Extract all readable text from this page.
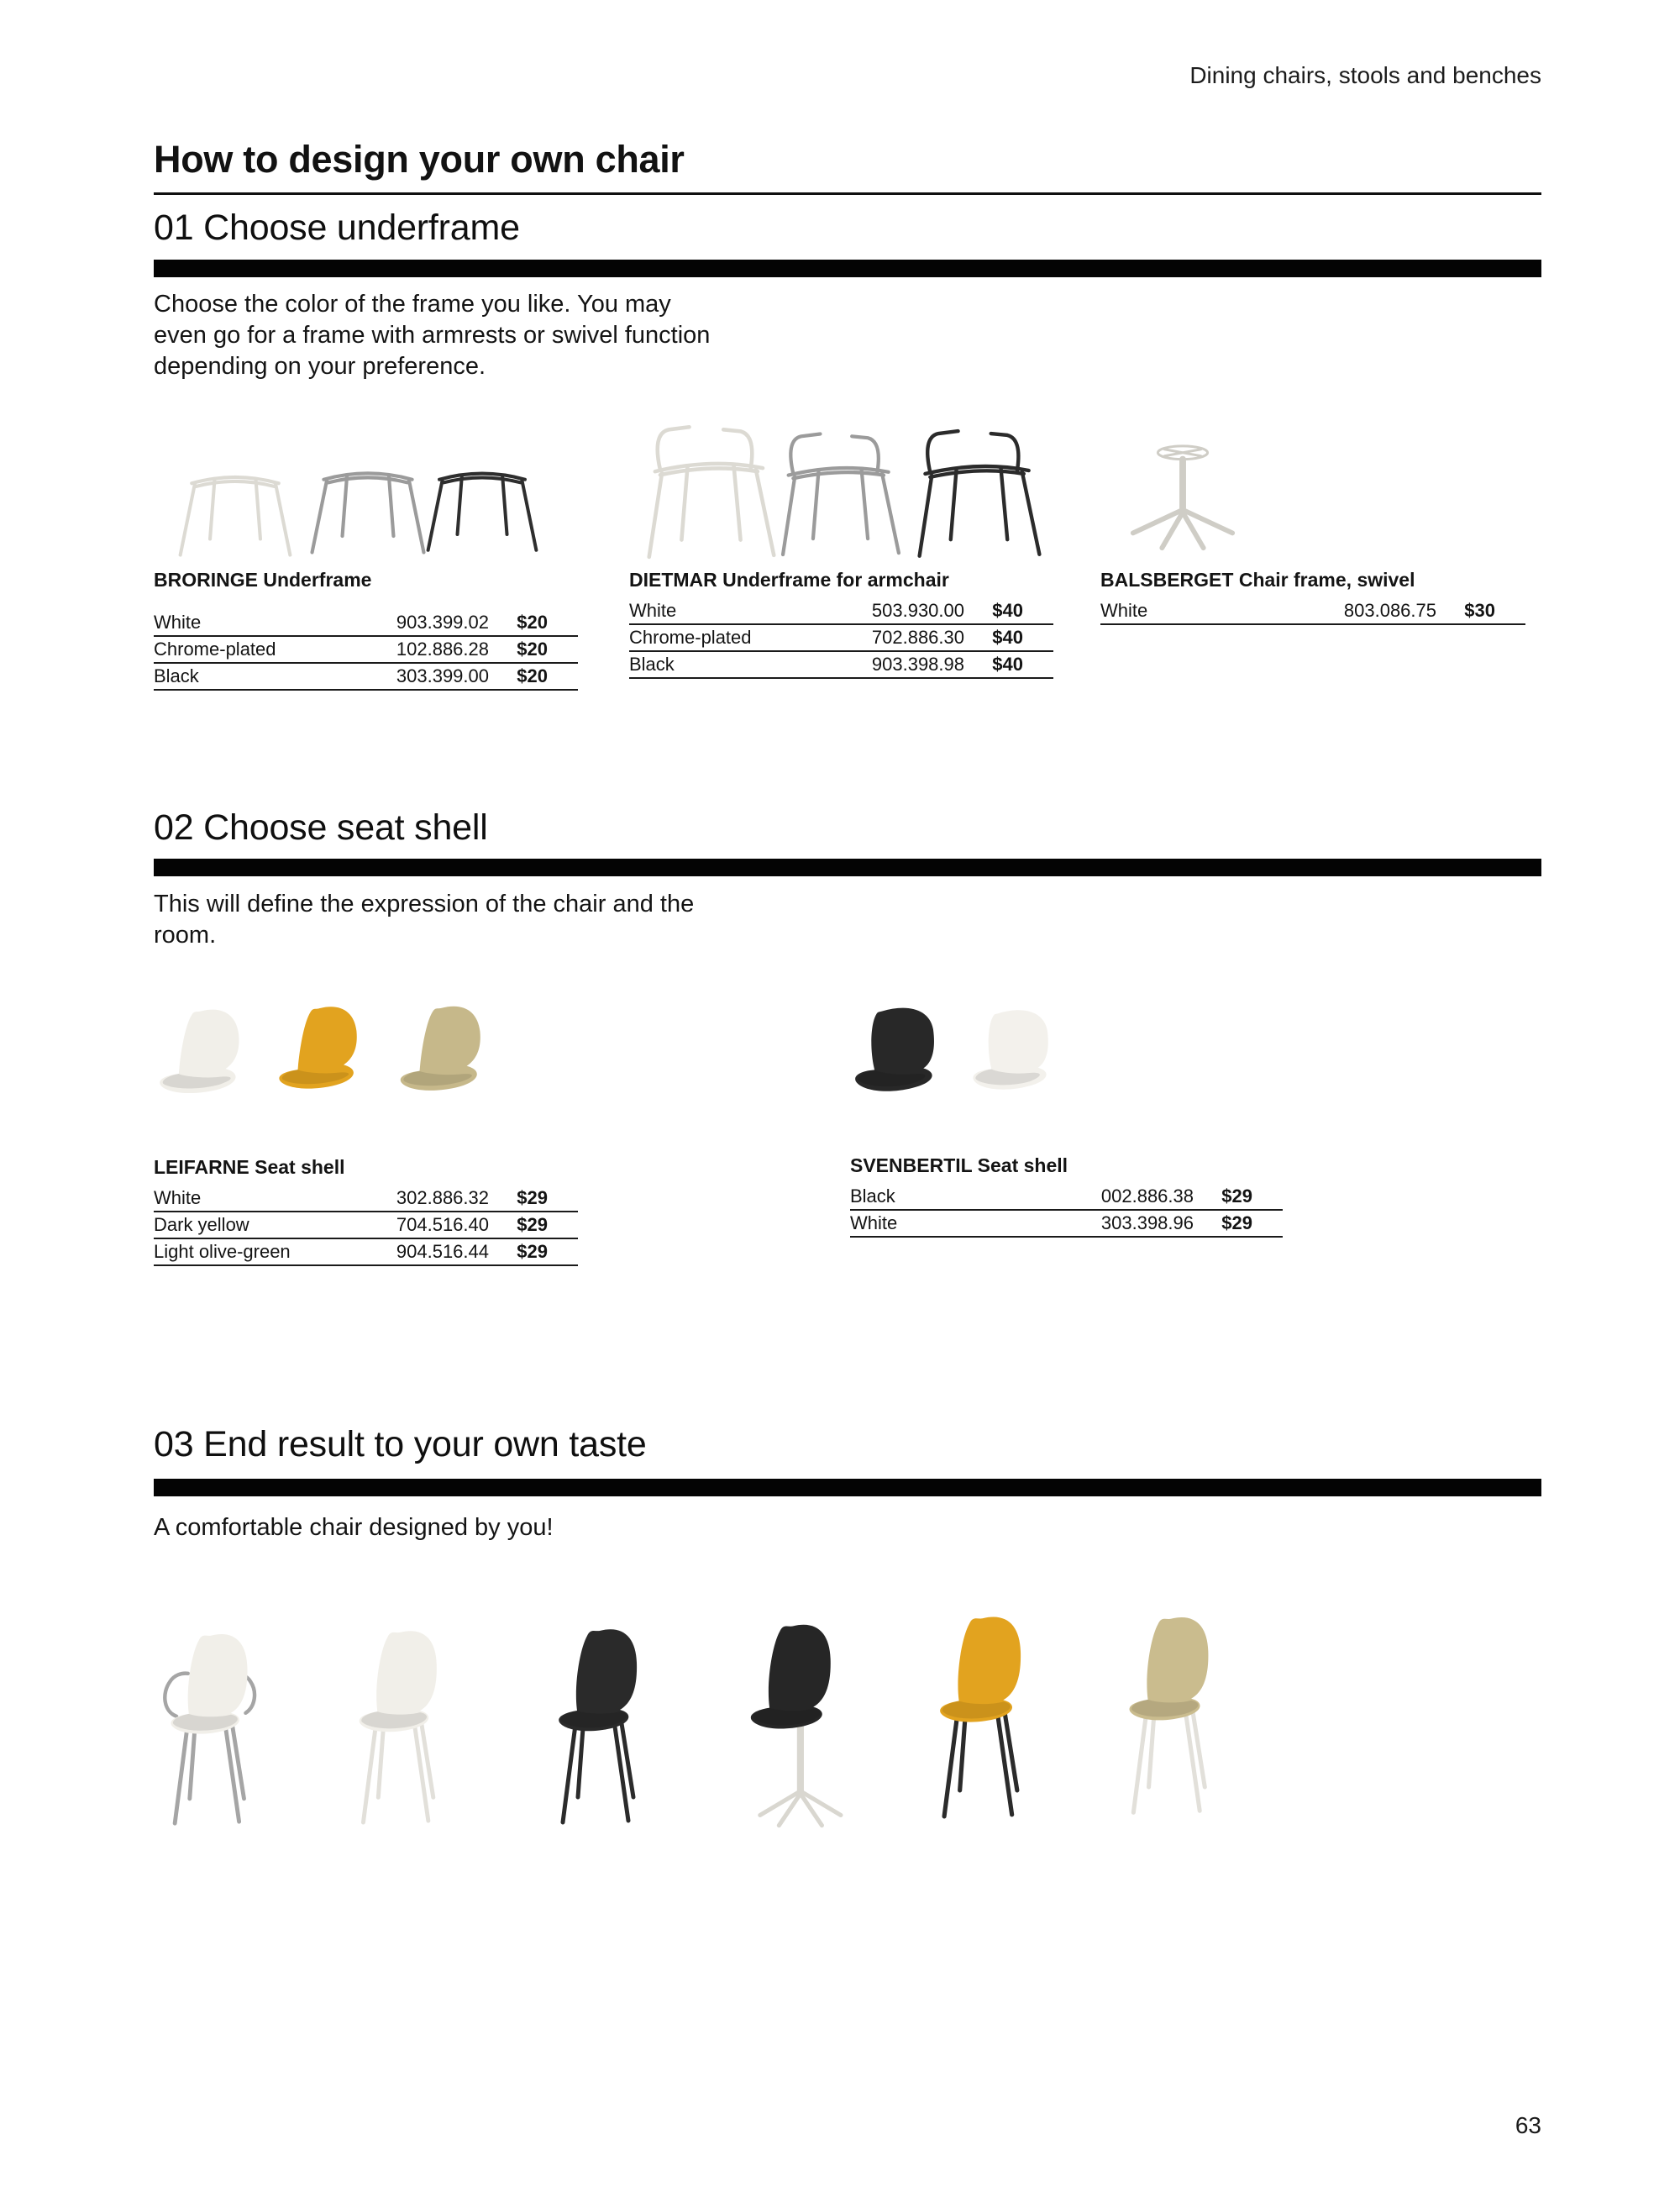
Dining chairs, stools and benches
How to design your own chair
01 Choose underframe
Choose the color of the frame you like. You may
even go for a frame with armrests or swivel function
depending on your preference.
BRORINGE Underframe
White	903.399.02	$20
Chrome-plated	102.886.28	$20
Black	303.399.00	$20
DIETMAR Underframe for armchair
White	503.930.00	$40
Chrome-plated	702.886.30	$40
Black	903.398.98	$40
BALSBERGET Chair frame, swivel
White	803.086.75	$30
02 Choose seat shell
This will define the expression of the chair and the
room.
LEIFARNE Seat shell
White	302.886.32	$29
Dark yellow	704.516.40	$29
Light olive-green	904.516.44	$29
SVENBERTIL Seat shell
Black	002.886.38	$29
White	303.398.96	$29
03 End result to your own taste
A comfortable chair designed by you!
63
